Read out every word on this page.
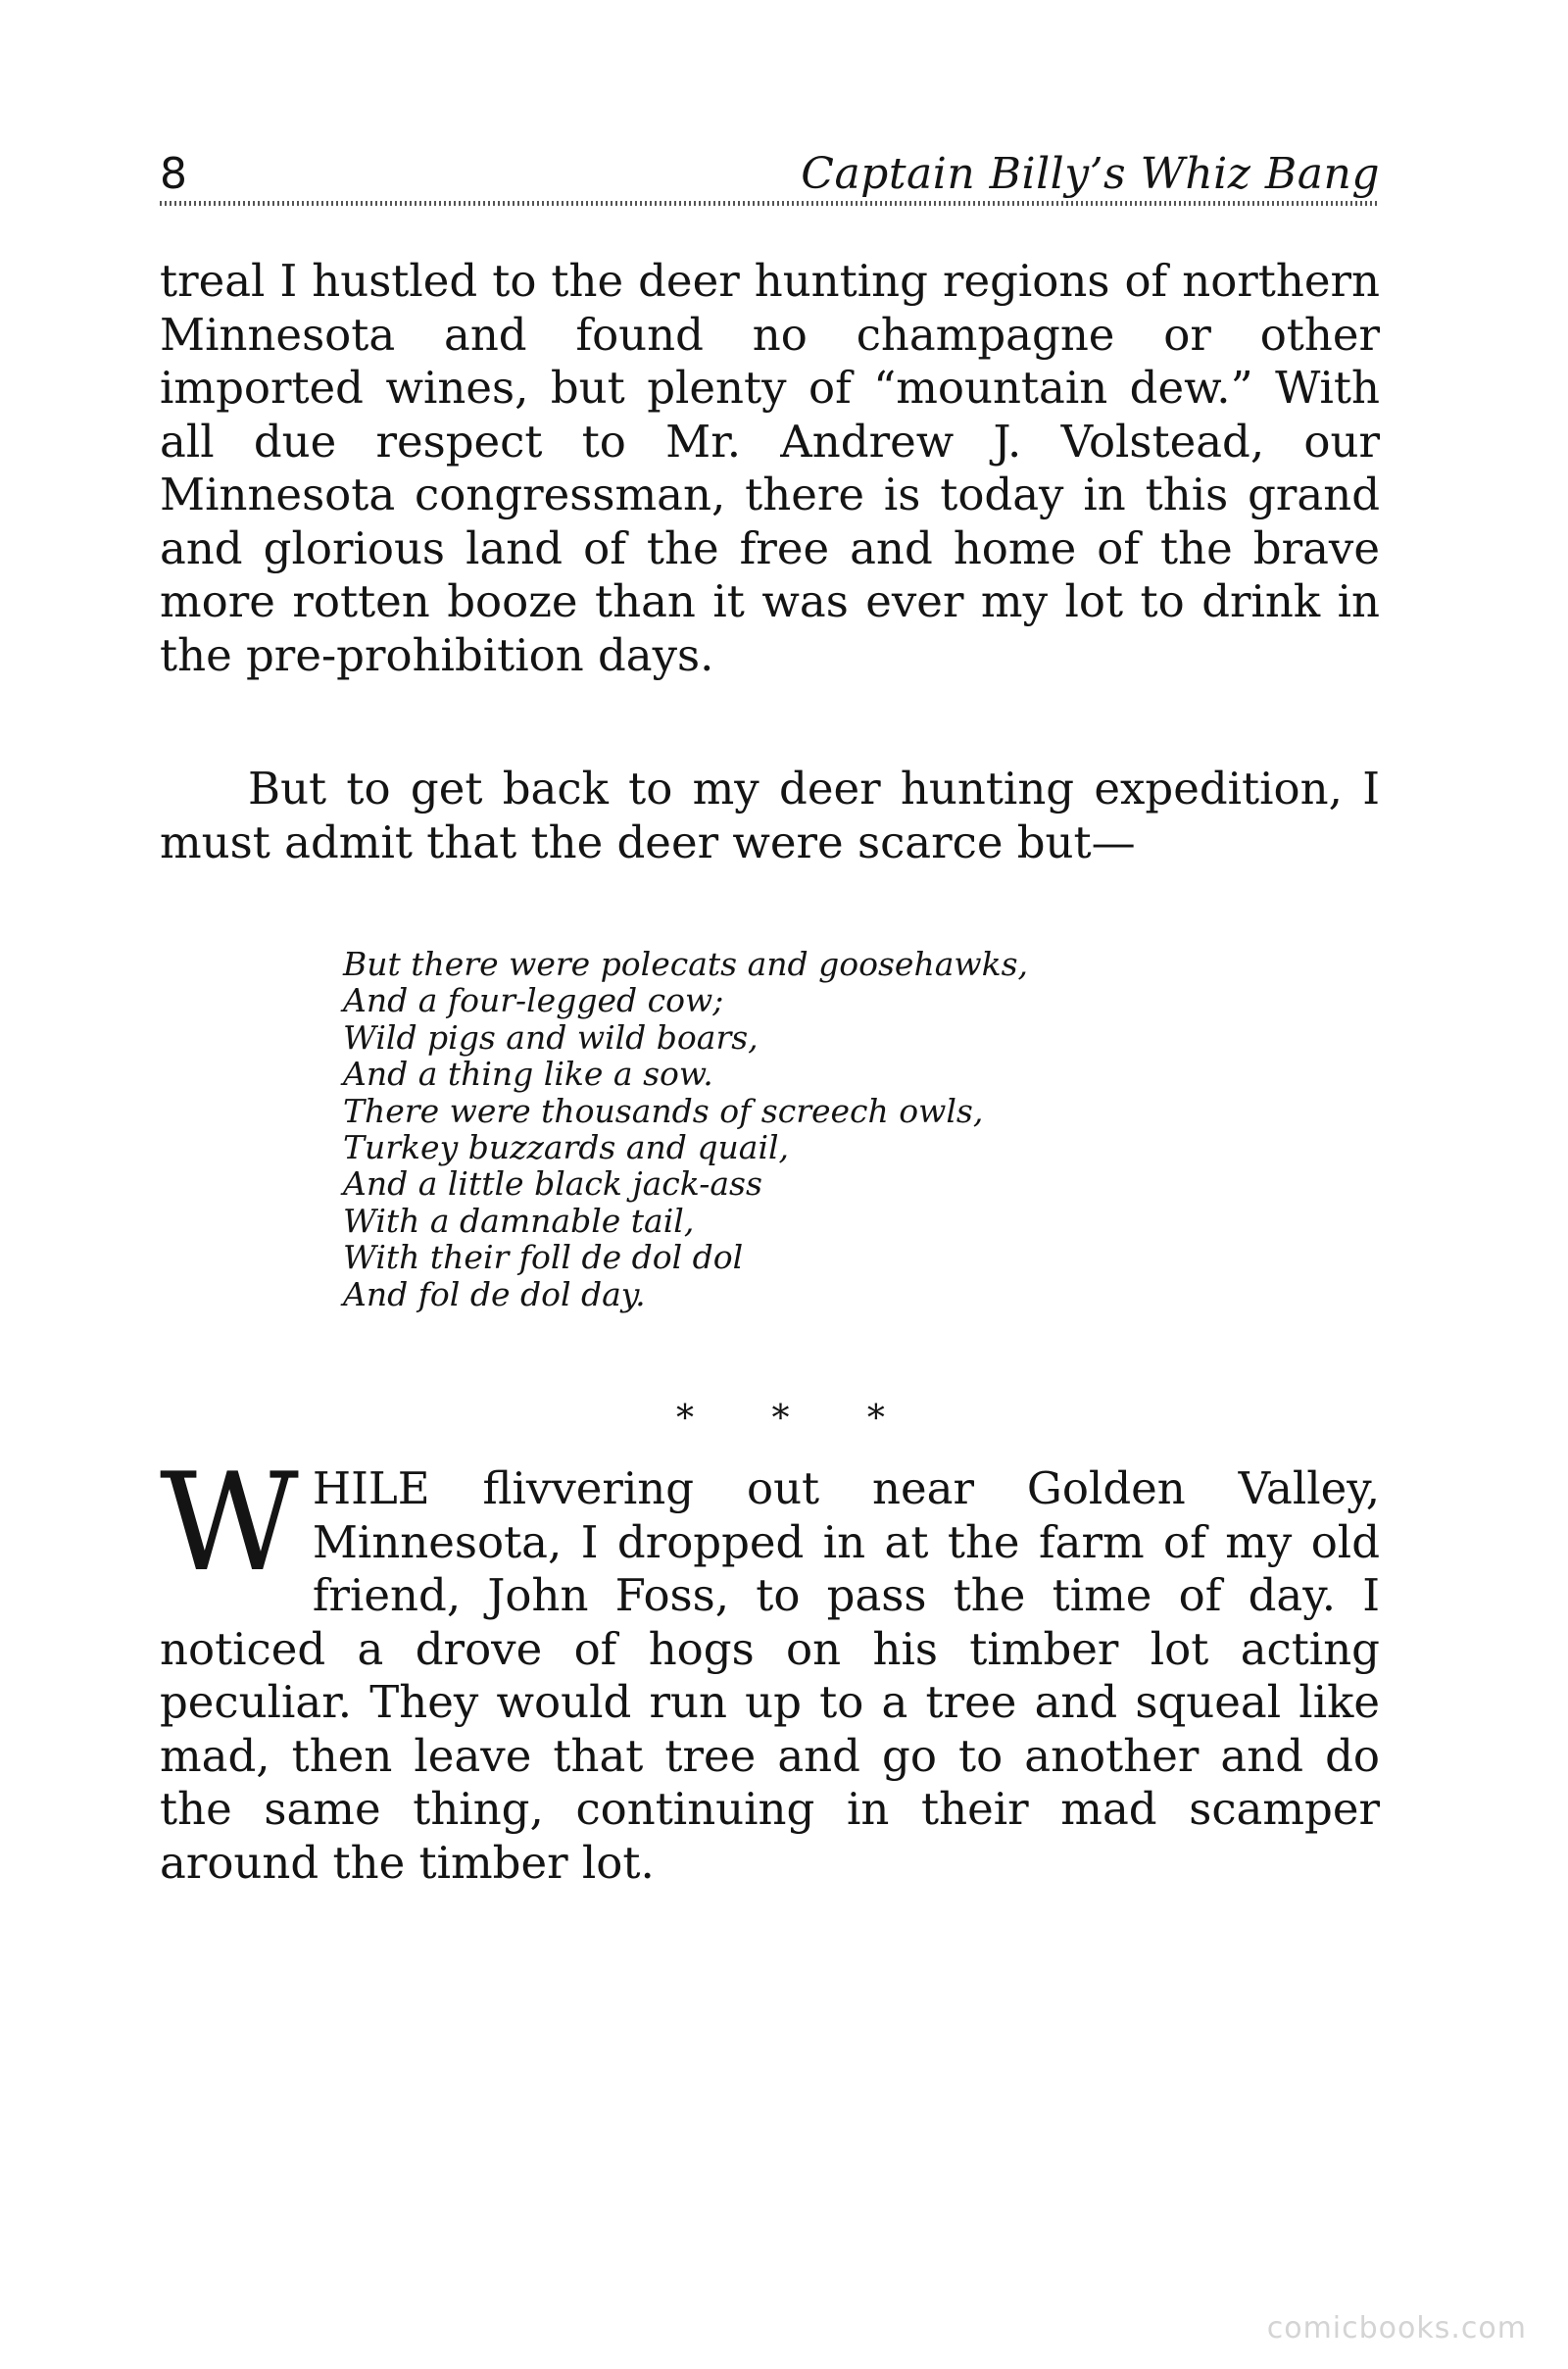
8	Captain Billy’s Whiz Bang

treal I hustled to the deer hunting regions of northern Minnesota and found no champagne or other imported wines, but plenty of “mountain dew.” With all due respect to Mr. Andrew J. Volstead, our Minnesota congressman, there is today in this grand and glorious land of the free and home of the brave more rotten booze than it was ever my lot to drink in the pre-prohibition days.

But to get back to my deer hunting expedition, I must admit that the deer were scarce but—

But there were polecats and goosehawks,
And a four-legged cow;
Wild pigs and wild boars,
And a thing like a sow.
There were thousands of screech owls,
Turkey buzzards and quail,
And a little black jack-ass
With a damnable tail,
With their foll de dol dol
And fol de dol day.
* * *

WHILE flivvering out near Golden Valley, Minnesota, I dropped in at the farm of my old friend, John Foss, to pass the time of day. I noticed a drove of hogs on his timber lot acting peculiar. They would run up to a tree and squeal like mad, then leave that tree and go to another and do the same thing, continuing in their mad scamper around the timber lot.

comicbooks.com
